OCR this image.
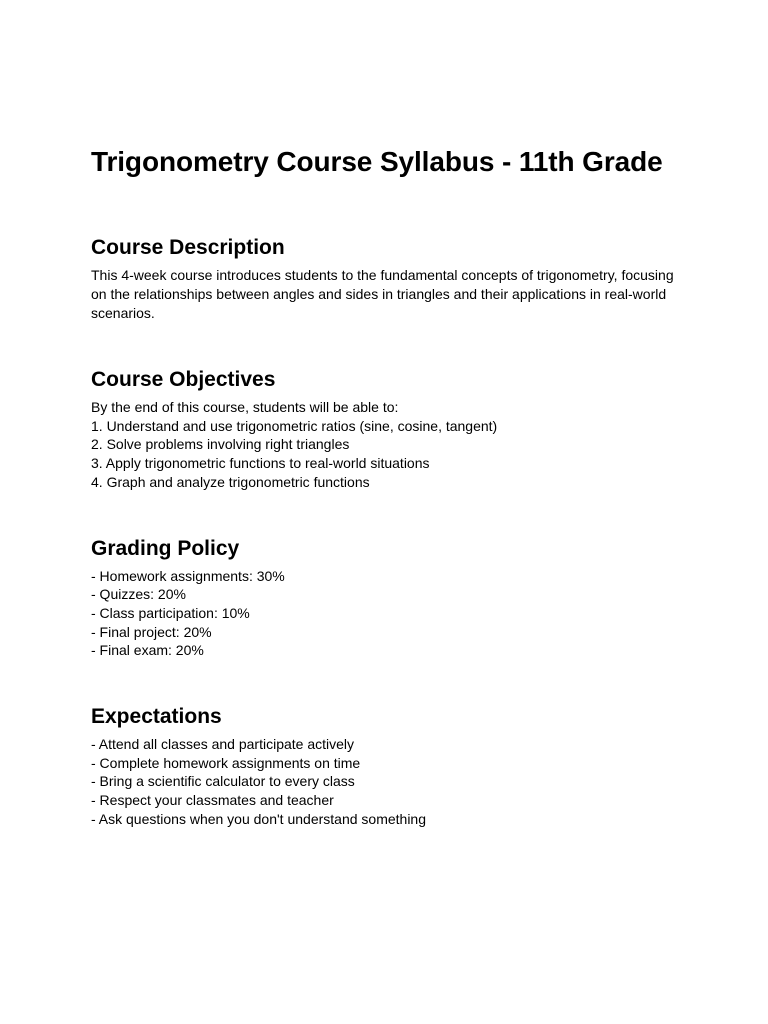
Trigonometry Course Syllabus - 11th Grade
Course Description

This 4-week course introduces students to the fundamental concepts of trigonometry, focusing on the relationships between angles and sides in triangles and their applications in real-world scenarios.

Course Objectives
By the end of this course, students will be able to:
1. Understand and use trigonometric ratios (sine, cosine, tangent)
2. Solve problems involving right triangles
3. Apply trigonometric functions to real-world situations
4. Graph and analyze trigonometric functions
Grading Policy
- Homework assignments: 30%
- Quizzes: 20%
- Class participation: 10%
- Final project: 20%
- Final exam: 20%
Expectations
- Attend all classes and participate actively
- Complete homework assignments on time
- Bring a scientific calculator to every class
- Respect your classmates and teacher
- Ask questions when you don't understand something
